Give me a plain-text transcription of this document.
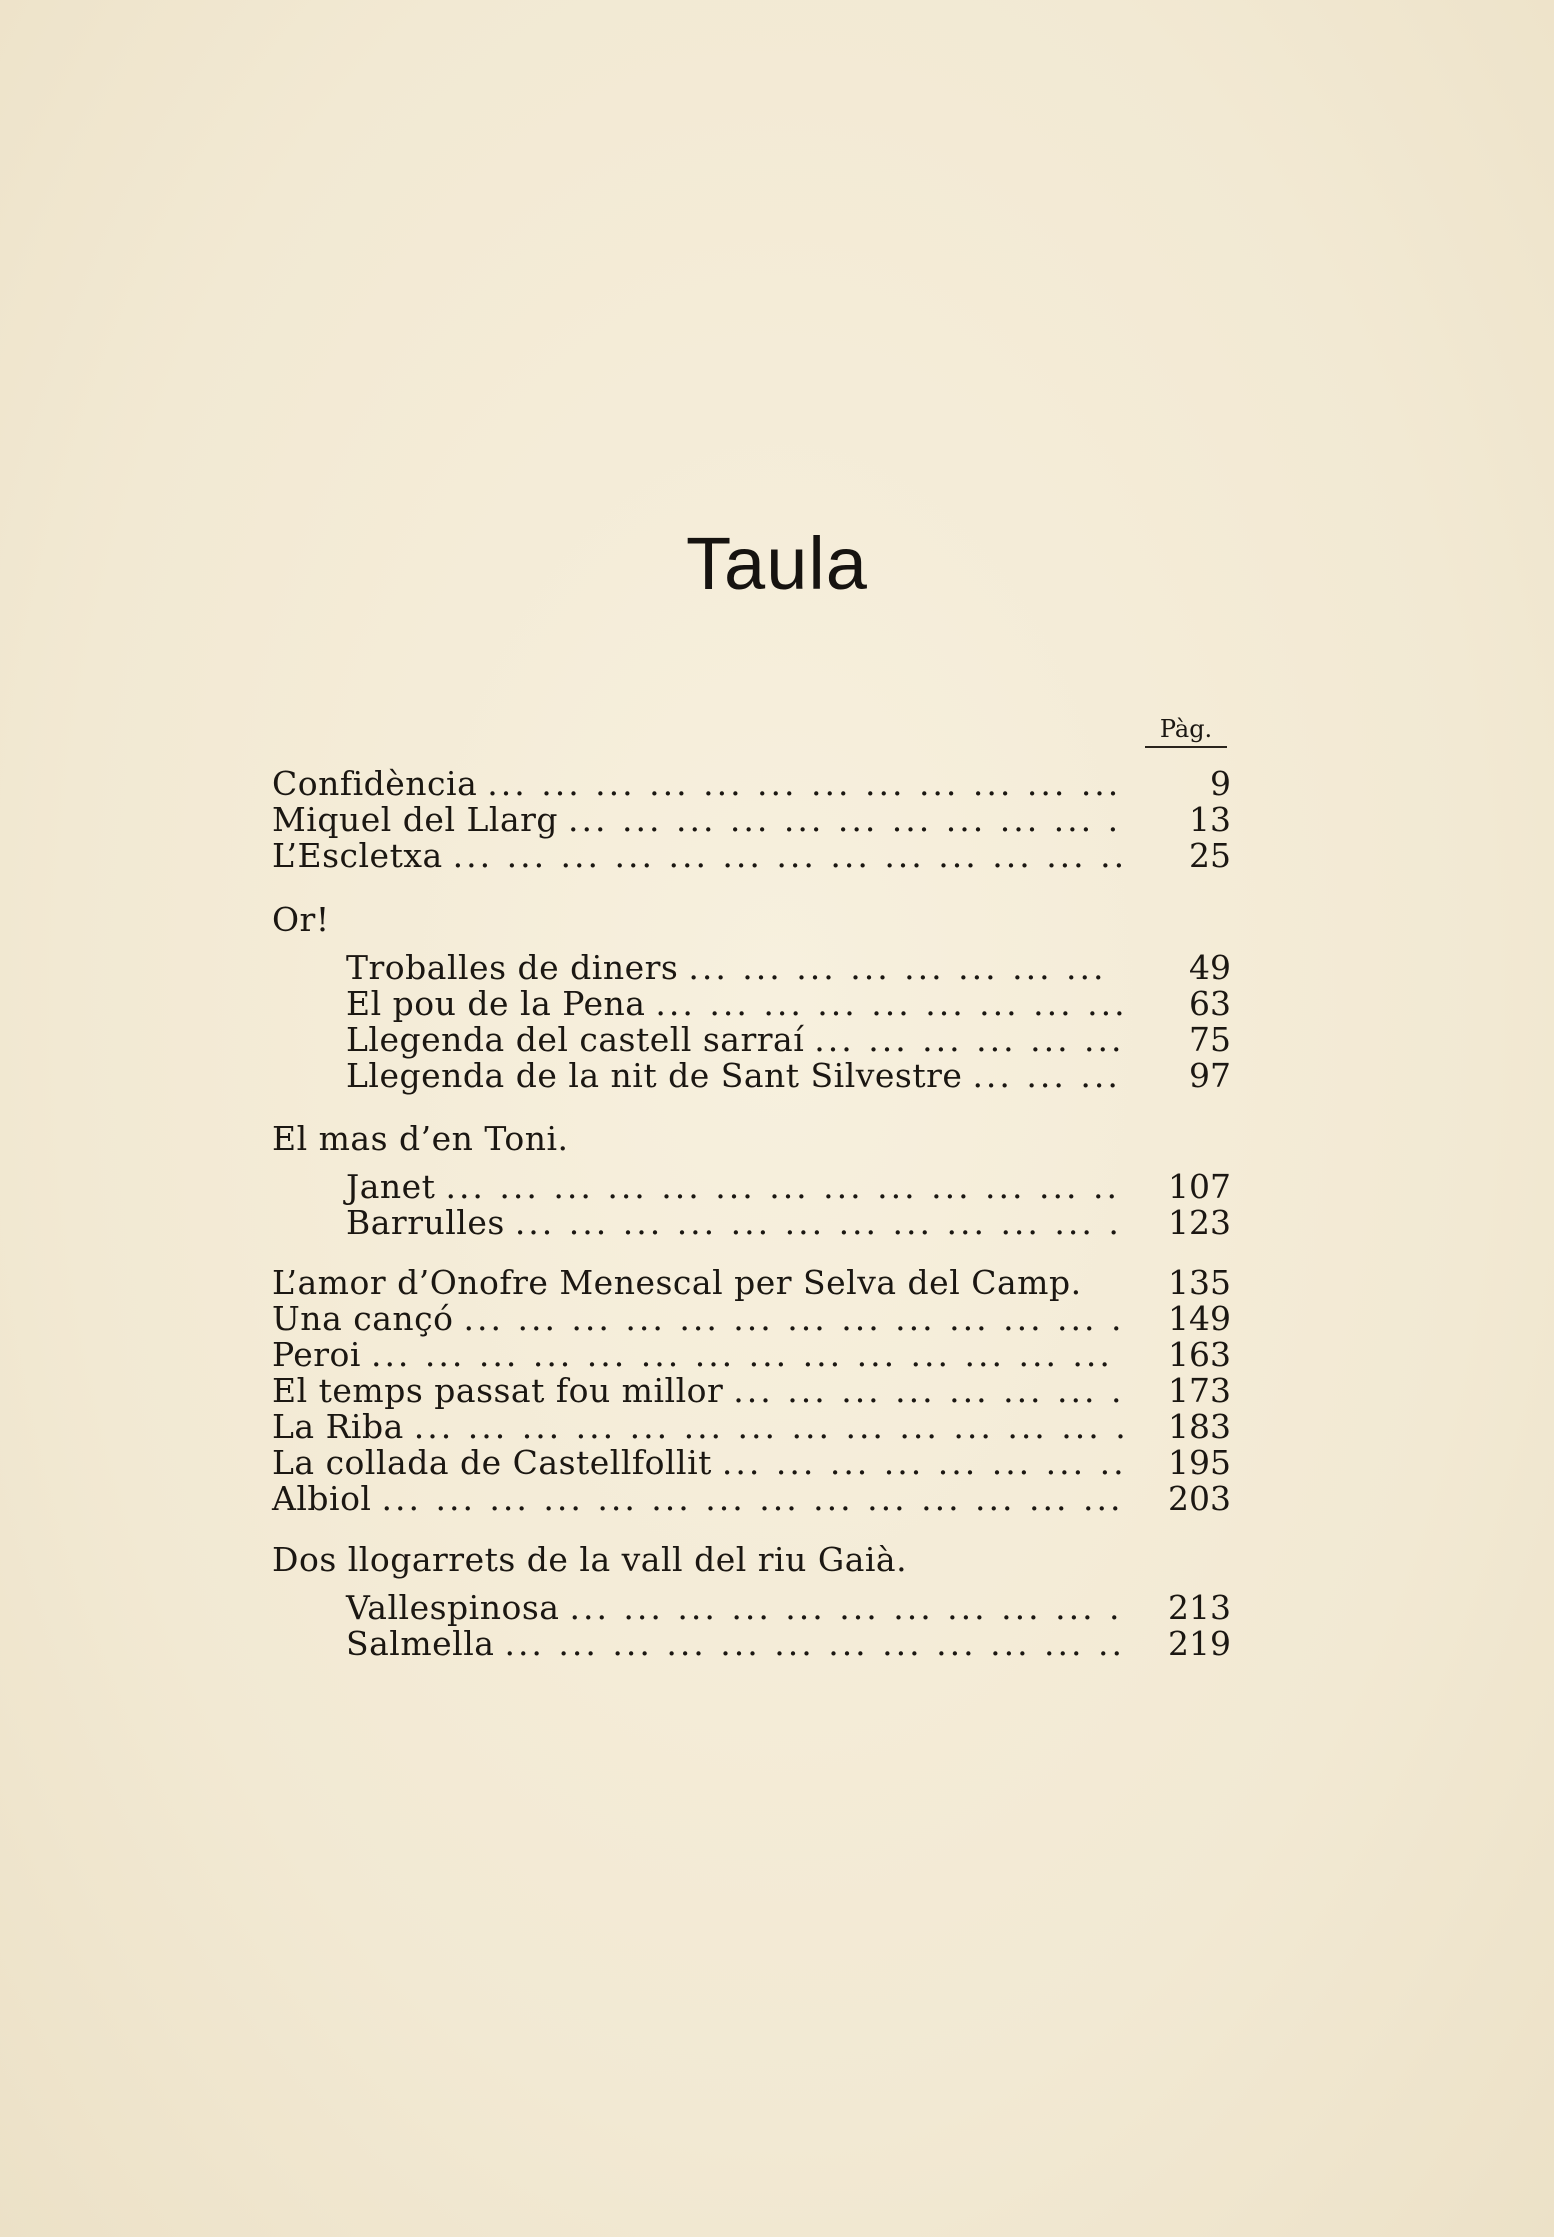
Taula
Pàg.
Confidència ... .	9
Miquel del Llarg ... .	13
L’Escletxa ... .	25
Or!
Troballes de diners ... .	49
El pou de la Pena ... .	63
Llegenda del castell sarraí ... .	75
Llegenda de la nit de Sant Silvestre ... .	97
El mas d’en Toni.
Janet ... .	107
Barrulles ... .	123
L’amor d’Onofre Menescal per Selva del Camp.	135
Una cançó ... .	149
Peroi ... .	163
El temps passat fou millor ... .	173
La Riba ... .	183
La collada de Castellfollit ... .	195
Albiol ... .	203
Dos llogarrets de la vall del riu Gaià.
Vallespinosa ... .	213
Salmella ... .	219
